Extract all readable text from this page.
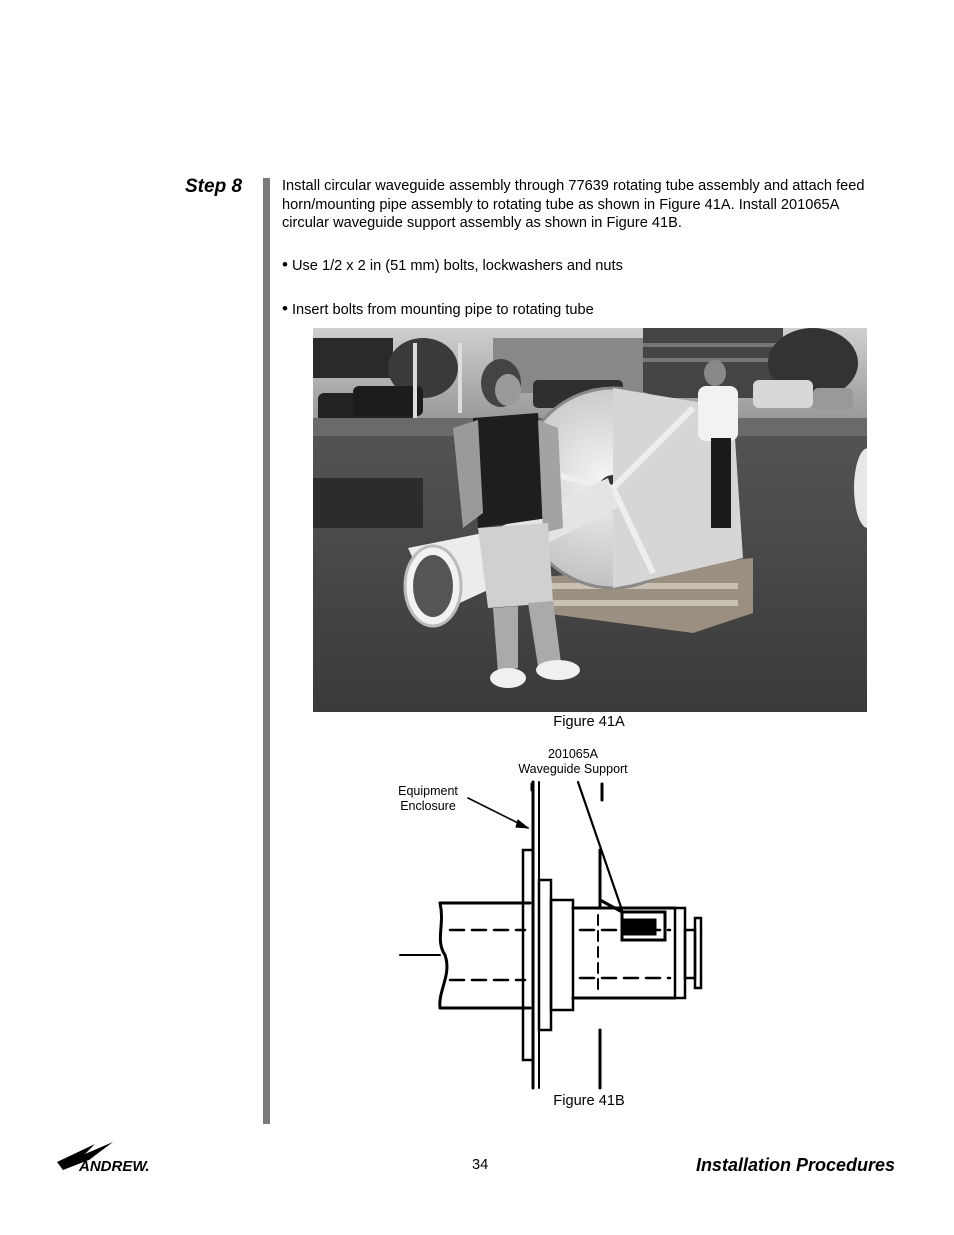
Step 8	Install circular waveguide assembly through 77639 rotating tube assembly and attach feed horn/mounting pipe assembly to rotating tube as shown in Figure 41A. Install 201065A circular waveguide support assembly as shown in Figure 41B.
• Use 1/2 x 2 in (51 mm) bolts, lockwashers and nuts
• Insert bolts from mounting pipe to rotating tube
Figure 41A
201065A
Waveguide Support
Equipment
Enclosure
Figure 41B
ANDREW.	34	Installation Procedures
